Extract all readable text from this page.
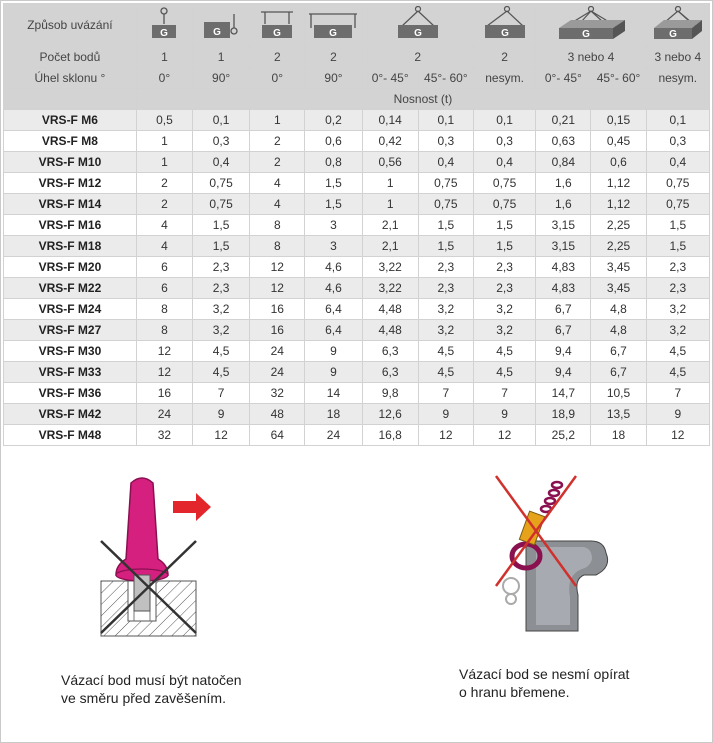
Způsob uvázání	G	G	G	G	G		G	G		G

Počet bodů	1	1	2	2	2		2	3 nebo 4		3 nebo 4
Úhel sklonu °	0°	90°	0°	90°	0°- 45°	45°- 60°	nesym.	0°- 45°	45°- 60°	nesym.
	Nosnost (t)									
VRS-F M6	0,5	0,1	1	0,2	0,14	0,1	0,1	0,21	0,15	0,1
VRS-F M8	1	0,3	2	0,6	0,42	0,3	0,3	0,63	0,45	0,3
VRS-F M10	1	0,4	2	0,8	0,56	0,4	0,4	0,84	0,6	0,4
VRS-F M12	2	0,75	4	1,5	1	0,75	0,75	1,6	1,12	0,75
VRS-F M14	2	0,75	4	1,5	1	0,75	0,75	1,6	1,12	0,75
VRS-F M16	4	1,5	8	3	2,1	1,5	1,5	3,15	2,25	1,5
VRS-F M18	4	1,5	8	3	2,1	1,5	1,5	3,15	2,25	1,5
VRS-F M20	6	2,3	12	4,6	3,22	2,3	2,3	4,83	3,45	2,3
VRS-F M22	6	2,3	12	4,6	3,22	2,3	2,3	4,83	3,45	2,3
VRS-F M24	8	3,2	16	6,4	4,48	3,2	3,2	6,7	4,8	3,2
VRS-F M27	8	3,2	16	6,4	4,48	3,2	3,2	6,7	4,8	3,2
VRS-F M30	12	4,5	24	9	6,3	4,5	4,5	9,4	6,7	4,5
VRS-F M33	12	4,5	24	9	6,3	4,5	4,5	9,4	6,7	4,5
VRS-F M36	16	7	32	14	9,8	7	7	14,7	10,5	7
VRS-F M42	24	9	48	18	12,6	9	9	18,9	13,5	9
VRS-F M48	32	12	64	24	16,8	12	12	25,2	18	12
Vázací bod musí být natočen
ve směru před zavěšením.
Vázací bod se nesmí opírat
o hranu břemene.
